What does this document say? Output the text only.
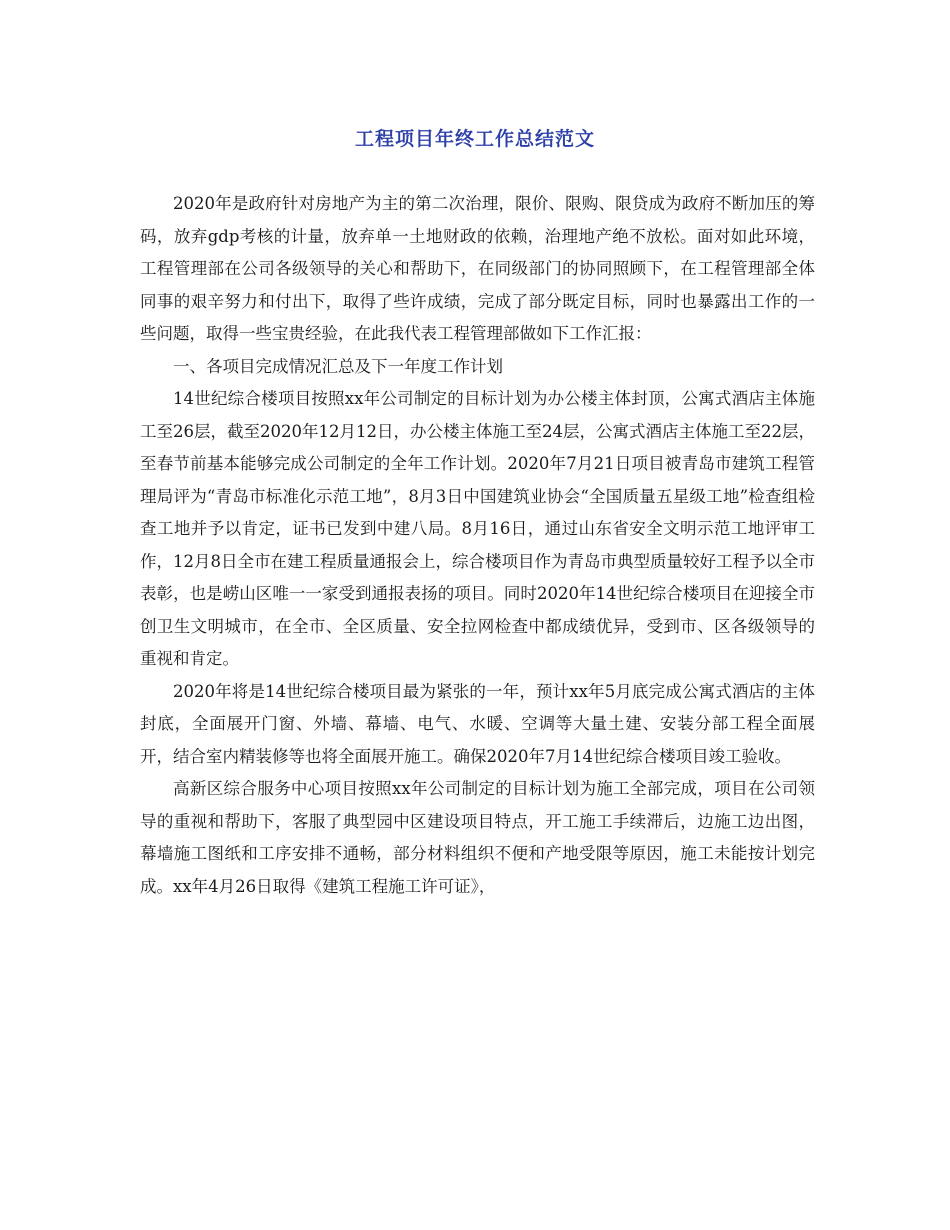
工程项目年终工作总结范文

2020年是政府针对房地产为主的第二次治理，限价、限购、限贷成为政府不断加压的筹码，放弃gdp考核的计量，放弃单一土地财政的依赖，治理地产绝不放松。面对如此环境，工程管理部在公司各级领导的关心和帮助下，在同级部门的协同照顾下，在工程管理部全体同事的艰辛努力和付出下，取得了些许成绩，完成了部分既定目标，同时也暴露出工作的一些问题，取得一些宝贵经验，在此我代表工程管理部做如下工作汇报：

一、各项目完成情况汇总及下一年度工作计划

14世纪综合楼项目按照xx年公司制定的目标计划为办公楼主体封顶，公寓式酒店主体施工至26层，截至2020年12月12日，办公楼主体施工至24层，公寓式酒店主体施工至22层，至春节前基本能够完成公司制定的全年工作计划。2020年7月21日项目被青岛市建筑工程管理局评为“青岛市标准化示范工地”，8月3日中国建筑业协会“全国质量五星级工地”检查组检查工地并予以肯定，证书已发到中建八局。8月16日，通过山东省安全文明示范工地评审工作，12月8日全市在建工程质量通报会上，综合楼项目作为青岛市典型质量较好工程予以全市表彰，也是崂山区唯一一家受到通报表扬的项目。同时2020年14世纪综合楼项目在迎接全市创卫生文明城市，在全市、全区质量、安全拉网检查中都成绩优异，受到市、区各级领导的重视和肯定。

2020年将是14世纪综合楼项目最为紧张的一年，预计xx年5月底完成公寓式酒店的主体封底，全面展开门窗、外墙、幕墙、电气、水暖、空调等大量土建、安装分部工程全面展开，结合室内精装修等也将全面展开施工。确保2020年7月14世纪综合楼项目竣工验收。

高新区综合服务中心项目按照xx年公司制定的目标计划为施工全部完成，项目在公司领导的重视和帮助下，客服了典型园中区建设项目特点，开工施工手续滞后，边施工边出图，幕墙施工图纸和工序安排不通畅，部分材料组织不便和产地受限等原因，施工未能按计划完成。xx年4月26日取得《建筑工程施工许可证》，
